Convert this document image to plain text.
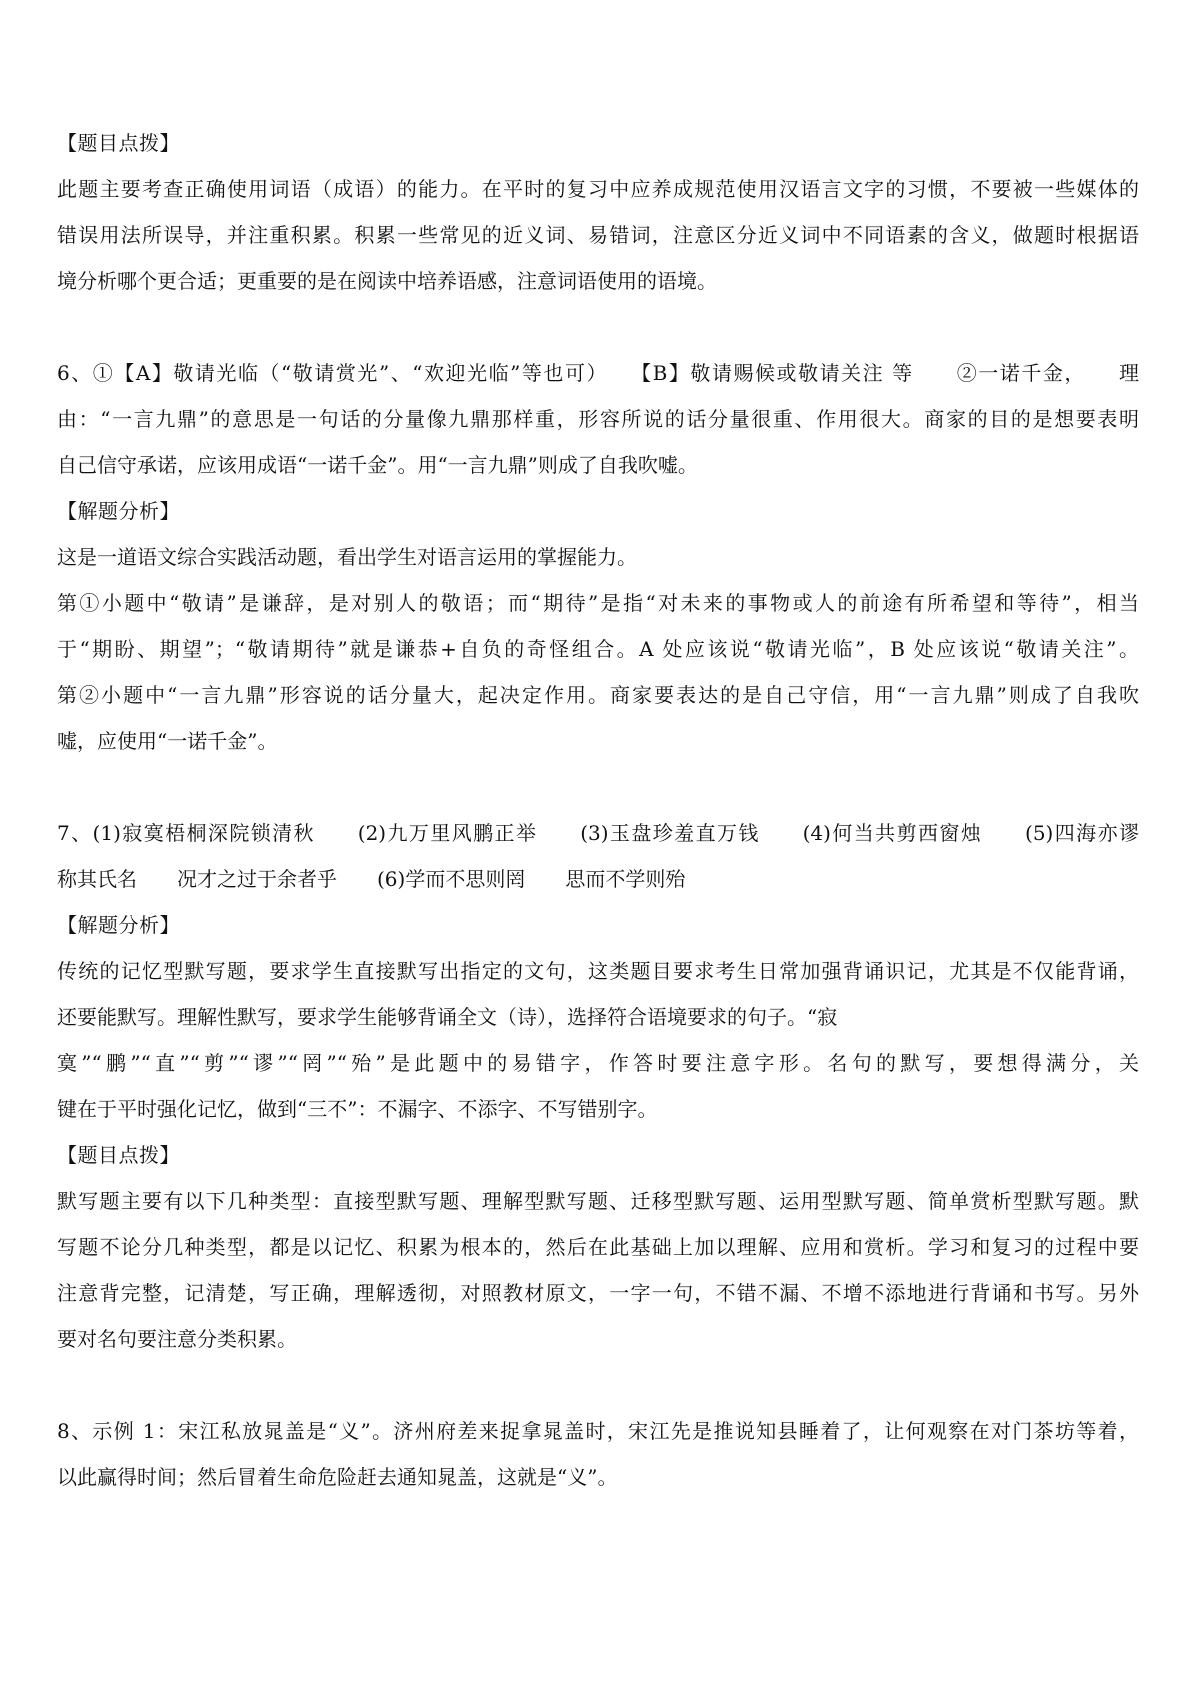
【题目点拨】
此题主要考查正确使用词语（成语）的能力。在平时的复习中应养成规范使用汉语言文字的习惯，不要被一些媒体的
错误用法所误导，并注重积累。积累一些常见的近义词、易错词，注意区分近义词中不同语素的含义，做题时根据语
境分析哪个更合适；更重要的是在阅读中培养语感，注意词语使用的语境。
6、①【A】敬请光临（“敬请赏光”、“欢迎光临”等也可）　　【B】敬请赐候或敬请关注 等　　②一诺千金，　　理
由：“一言九鼎”的意思是一句话的分量像九鼎那样重，形容所说的话分量很重、作用很大。商家的目的是想要表明
自己信守承诺，应该用成语“一诺千金”。用“一言九鼎”则成了自我吹嘘。
【解题分析】
这是一道语文综合实践活动题，看出学生对语言运用的掌握能力。
第①小题中“敬请”是谦辞，是对别人的敬语；而“期待”是指“对未来的事物或人的前途有所希望和等待”，相当
于“期盼、期望”；“敬请期待”就是谦恭+自负的奇怪组合。A 处应该说“敬请光临”，B 处应该说“敬请关注”。
第②小题中“一言九鼎”形容说的话分量大，起决定作用。商家要表达的是自己守信，用“一言九鼎”则成了自我吹
嘘，应使用“一诺千金”。
7、(1)寂寞梧桐深院锁清秋　　(2)九万里风鹏正举　　(3)玉盘珍羞直万钱　　(4)何当共剪西窗烛　　(5)四海亦谬
称其氏名　　况才之过于余者乎　　(6)学而不思则罔　　思而不学则殆
【解题分析】
传统的记忆型默写题，要求学生直接默写出指定的文句，这类题目要求考生日常加强背诵识记，尤其是不仅能背诵，
还要能默写。理解性默写，要求学生能够背诵全文（诗），选择符合语境要求的句子。“寂
寞”“鹏”“直”“剪”“谬”“罔”“殆”是此题中的易错字，作答时要注意字形。名句的默写，要想得满分，关
键在于平时强化记忆，做到“三不”：不漏字、不添字、不写错别字。
【题目点拨】
默写题主要有以下几种类型：直接型默写题、理解型默写题、迁移型默写题、运用型默写题、简单赏析型默写题。默
写题不论分几种类型，都是以记忆、积累为根本的，然后在此基础上加以理解、应用和赏析。学习和复习的过程中要
注意背完整，记清楚，写正确，理解透彻，对照教材原文，一字一句，不错不漏、不增不添地进行背诵和书写。另外
要对名句要注意分类积累。
8、示例 1：宋江私放晁盖是“义”。济州府差来捉拿晁盖时，宋江先是推说知县睡着了，让何观察在对门茶坊等着，
以此赢得时间；然后冒着生命危险赶去通知晁盖，这就是“义”。
